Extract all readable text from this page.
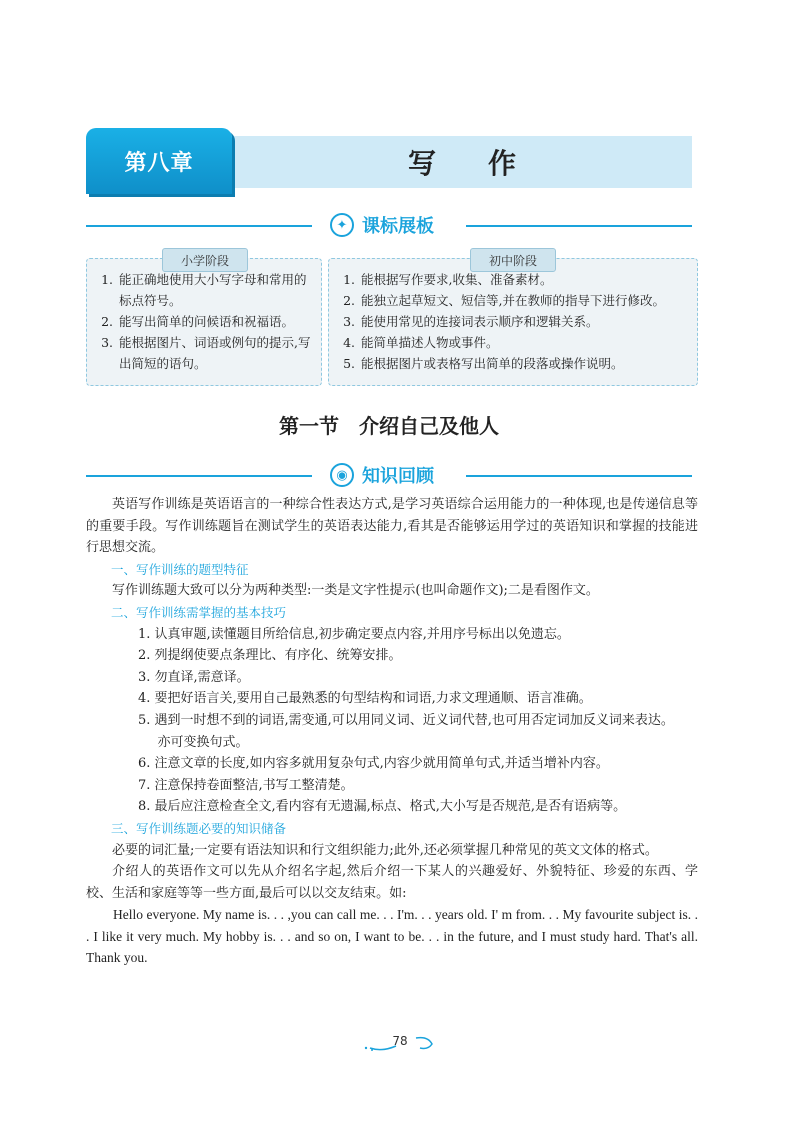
第八章	写作
✦ 课标展板
1. 能正确地使用大小写字母和常用的标点符号。
2. 能写出简单的问候语和祝福语。
3. 能根据图片、词语或例句的提示,写出简短的语句。
小学阶段
1. 能根据写作要求,收集、准备素材。
2. 能独立起草短文、短信等,并在教师的指导下进行修改。
3. 能使用常见的连接词表示顺序和逻辑关系。
4. 能简单描述人物或事件。
5. 能根据图片或表格写出简单的段落或操作说明。
初中阶段
第一节　介绍自己及他人
◉ 知识回顾

英语写作训练是英语语言的一种综合性表达方式,是学习英语综合运用能力的一种体现,也是传递信息等的重要手段。写作训练题旨在测试学生的英语表达能力,看其是否能够运用学过的英语知识和掌握的技能进行思想交流。

一、写作训练的题型特征

写作训练题大致可以分为两种类型:一类是文字性提示(也叫命题作文);二是看图作文。

二、写作训练需掌握的基本技巧

1. 认真审题,读懂题目所给信息,初步确定要点内容,并用序号标出以免遗忘。

2. 列提纲使要点条理比、有序化、统筹安排。

3. 勿直译,需意译。

4. 要把好语言关,要用自己最熟悉的句型结构和词语,力求文理通顺、语言准确。

5. 遇到一时想不到的词语,需变通,可以用同义词、近义词代替,也可用否定词加反义词来表达。
亦可变换句式。

6. 注意文章的长度,如内容多就用复杂句式,内容少就用简单句式,并适当增补内容。

7. 注意保持卷面整洁,书写工整清楚。

8. 最后应注意检查全文,看内容有无遗漏,标点、格式,大小写是否规范,是否有语病等。

三、写作训练题必要的知识储备

必要的词汇量;一定要有语法知识和行文组织能力;此外,还必须掌握几种常见的英文文体的格式。

介绍人的英语作文可以先从介绍名字起,然后介绍一下某人的兴趣爱好、外貌特征、珍爱的东西、学校、生活和家庭等等一些方面,最后可以以交友结束。如:

Hello everyone. My name is. . . ,you can call me. . . I'm. . . years old. I' m from. . . My favourite subject is. . . I like it very much. My hobby is. . . and so on, I want to be. . . in the future, and I must study hard. That's all. Thank you.

78
